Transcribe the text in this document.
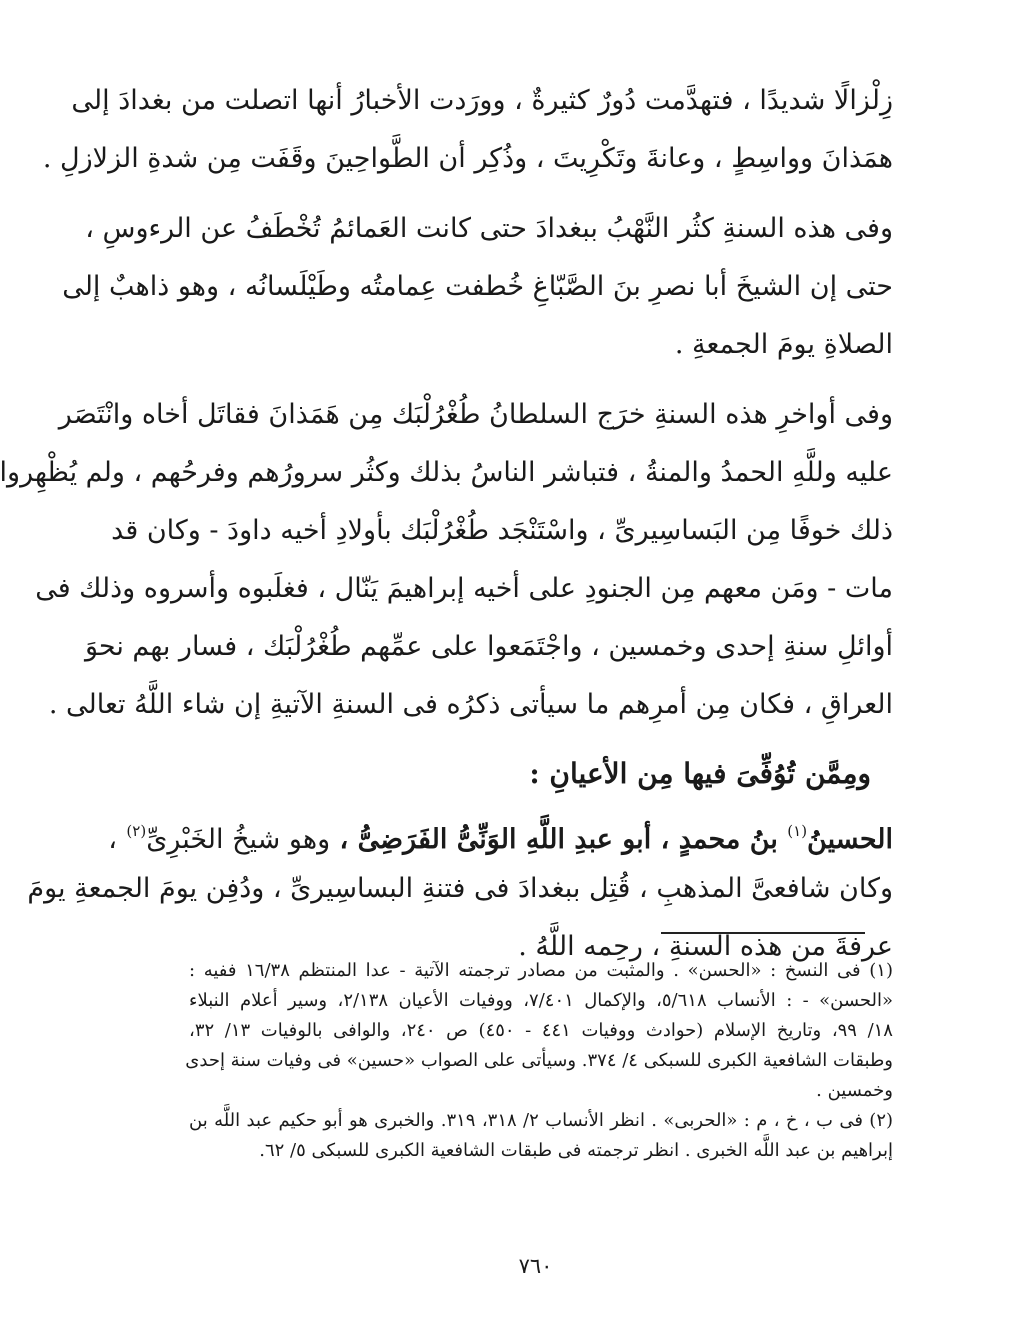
زِلْزالًا شديدًا ، فتهدَّمت دُورٌ كثيرةٌ ، وورَدت الأخبارُ أنها اتصلت من بغدادَ إلى
همَذانَ وواسِطٍ ، وعانةَ وتَكْرِيتَ ، وذُكِر أن الطَّواحِينَ وقَفَت مِن شدةِ الزلازلِ .
وفى هذه السنةِ كثُر النَّهْبُ ببغدادَ حتى كانت العَمائمُ تُخْطَفُ عن الرءوسِ ،
حتى إن الشيخَ أبا نصرِ بنَ الصَّبّاغِ خُطفت عِمامتُه وطَيْلَسانُه ، وهو ذاهبٌ إلى
الصلاةِ يومَ الجمعةِ .
وفى أواخرِ هذه السنةِ خرَج السلطانُ طُغْرُلْبَك مِن هَمَذانَ فقاتَل أخاه وانْتَصَر
عليه وللَّهِ الحمدُ والمنةُ ، فتباشر الناسُ بذلك وكثُر سرورُهم وفرحُهم ، ولم يُظْهِروا
ذلك خوفًا مِن البَساسِيرىِّ ، واسْتَنْجَد طُغْرُلْبَك بأولادِ أخيه داودَ - وكان قد
مات - ومَن معهم مِن الجنودِ على أخيه إبراهيمَ يَنّال ، فغلَبوه وأسروه وذلك فى
أوائلِ سنةِ إحدى وخمسين ، واجْتَمَعوا على عمِّهم طُغْرُلْبَك ، فسار بهم نحوَ
العراقِ ، فكان مِن أمرِهم ما سيأتى ذكرُه فى السنةِ الآتيةِ إن شاء اللَّهُ تعالى .
ومِمَّن تُوُفِّىَ فيها مِن الأعيانِ :
الحسينُ$^{(١)}$ بنُ محمدٍ ، أبو عبدِ اللَّهِ الوَنِّىُّ الفَرَضِىُّ ، وهو شيخُ الخَبْرِىِّ$^{(٢)}$ ،
وكان شافعىَّ المذهبِ ، قُتِل ببغدادَ فى فتنةِ البساسِيرىِّ ، ودُفِن يومَ الجمعةِ يومَ
عرفةَ من هذه السنةِ ، رحِمه اللَّهُ .
(١) فى النسخ : «الحسن» . والمثبت من مصادر ترجمته الآتية - عدا المنتظم ١٦/٣٨ ففيه :
«الحسن» - : الأنساب ٥/٦١٨، والإكمال ٧/٤٠١، ووفيات الأعيان ٢/١٣٨، وسير أعلام النبلاء
١٨/ ٩٩، وتاريخ الإسلام (حوادث ووفيات ٤٤١ - ٤٥٠) ص ٢٤٠، والوافى بالوفيات ١٣/ ٣٢،
وطبقات الشافعية الكبرى للسبكى ٤/ ٣٧٤. وسيأتى على الصواب «حسين» فى وفيات سنة إحدى
وخمسين .
(٢) فى ب ، خ ، م : «الحربى» . انظر الأنساب ٢/ ٣١٨، ٣١٩. والخبرى هو أبو حكيم عبد اللَّه بن
إبراهيم بن عبد اللَّه الخبرى . انظر ترجمته فى طبقات الشافعية الكبرى للسبكى ٥/ ٦٢.
٧٦٠
